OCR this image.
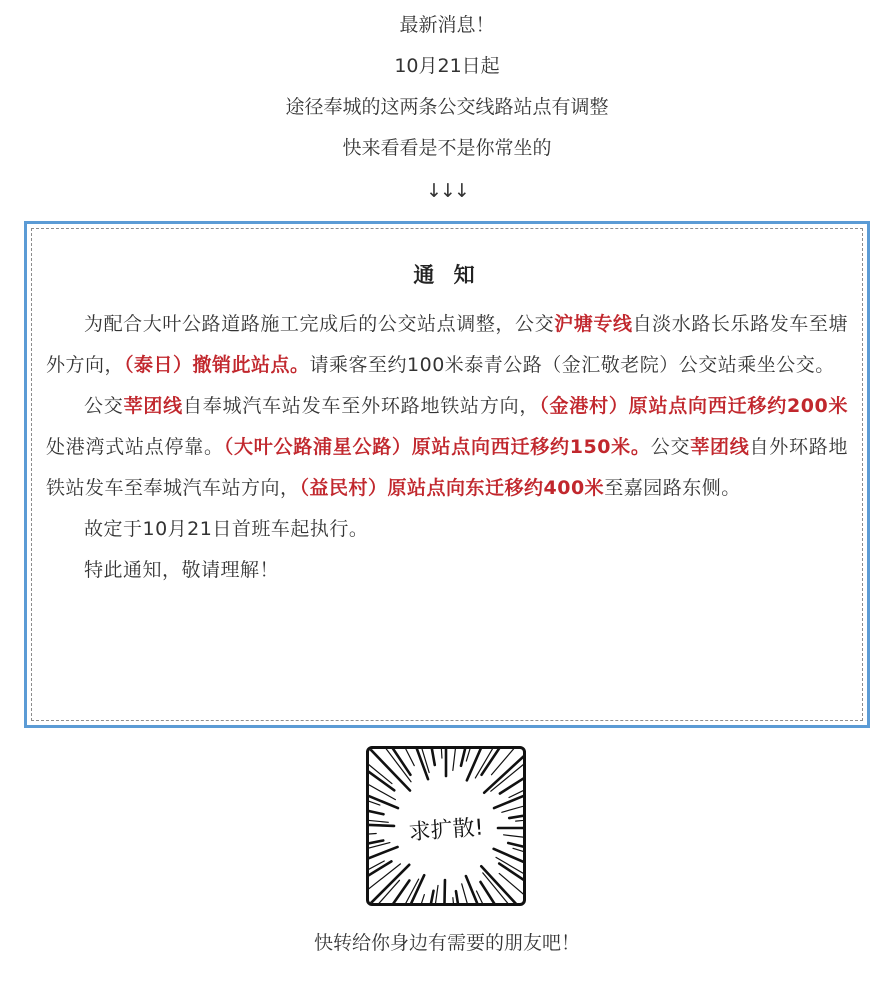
最新消息！
10月21日起
途径奉城的这两条公交线路站点有调整
快来看看是不是你常坐的
↓↓↓
通 知

为配合大叶公路道路施工完成后的公交站点调整，公交沪塘专线自淡水路长乐路发车至塘外方向，（泰日）撤销此站点。请乘客至约100米泰青公路（金汇敬老院）公交站乘坐公交。

公交莘团线自奉城汽车站发车至外环路地铁站方向，（金港村）原站点向西迁移约200米处港湾式站点停靠。（大叶公路浦星公路）原站点向西迁移约150米。公交莘团线自外环路地铁站发车至奉城汽车站方向，（益民村）原站点向东迁移约400米至嘉园路东侧。

故定于10月21日首班车起执行。

特此通知，敬请理解！

求扩散!
快转给你身边有需要的朋友吧！
